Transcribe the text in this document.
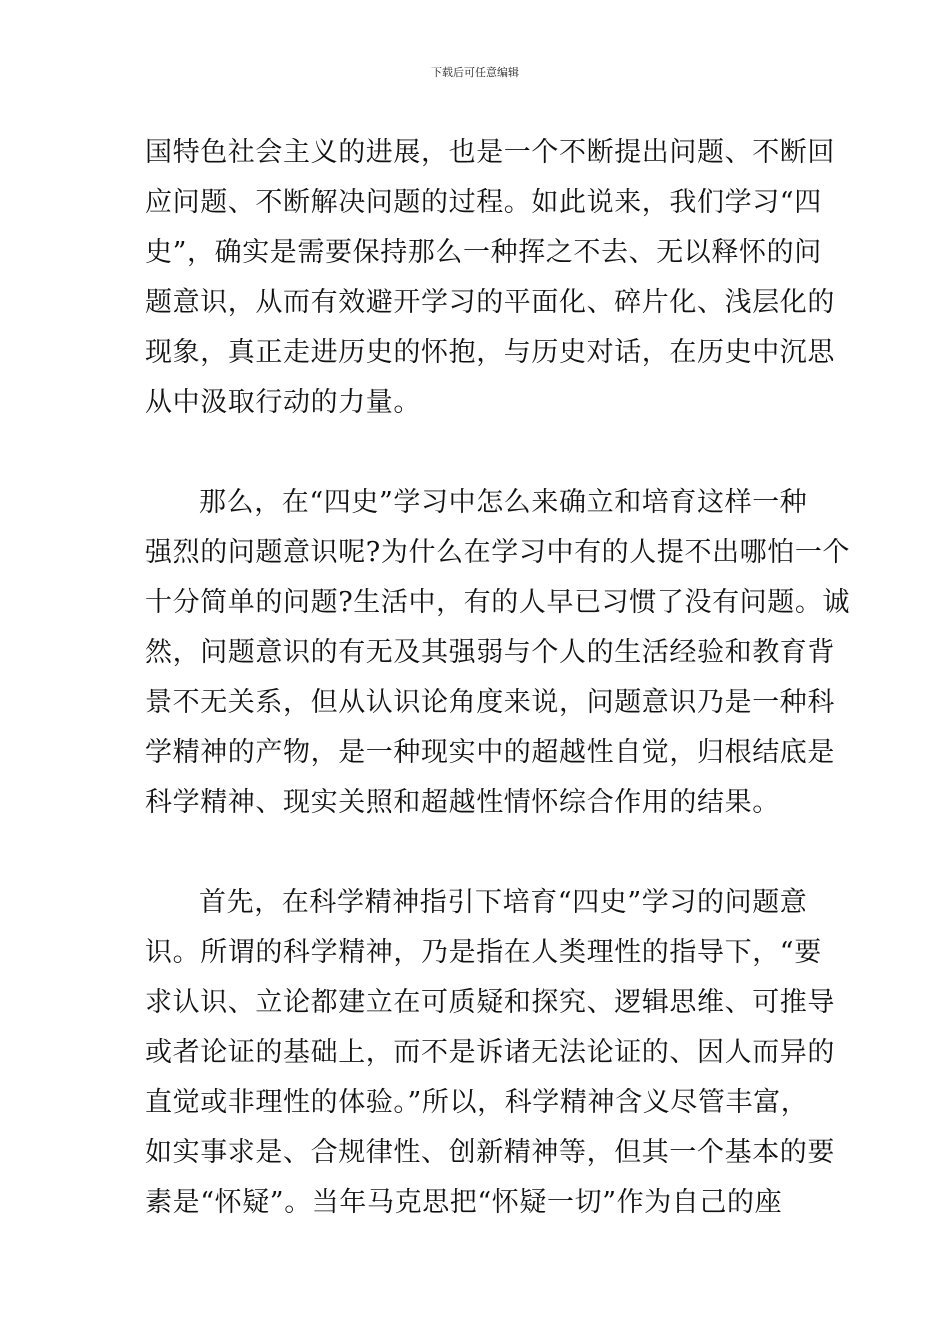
下载后可任意编辑
国特色社会主义的进展，也是一个不断提出问题、不断回
应问题、不断解决问题的过程。如此说来，我们学习“四
史”，确实是需要保持那么一种挥之不去、无以释怀的问
题意识，从而有效避开学习的平面化、碎片化、浅层化的
现象，真正走进历史的怀抱，与历史对话，在历史中沉思
从中汲取行动的力量。
那么，在“四史”学习中怎么来确立和培育这样一种
强烈的问题意识呢?为什么在学习中有的人提不出哪怕一个
十分简单的问题?生活中，有的人早已习惯了没有问题。诚
然，问题意识的有无及其强弱与个人的生活经验和教育背
景不无关系，但从认识论角度来说，问题意识乃是一种科
学精神的产物，是一种现实中的超越性自觉，归根结底是
科学精神、现实关照和超越性情怀综合作用的结果。
首先，在科学精神指引下培育“四史”学习的问题意
识。所谓的科学精神，乃是指在人类理性的指导下，“要
求认识、立论都建立在可质疑和探究、逻辑思维、可推导
或者论证的基础上，而不是诉诸无法论证的、因人而异的
直觉或非理性的体验。”所以，科学精神含义尽管丰富，
如实事求是、合规律性、创新精神等，但其一个基本的要
素是“怀疑”。当年马克思把“怀疑一切”作为自己的座
